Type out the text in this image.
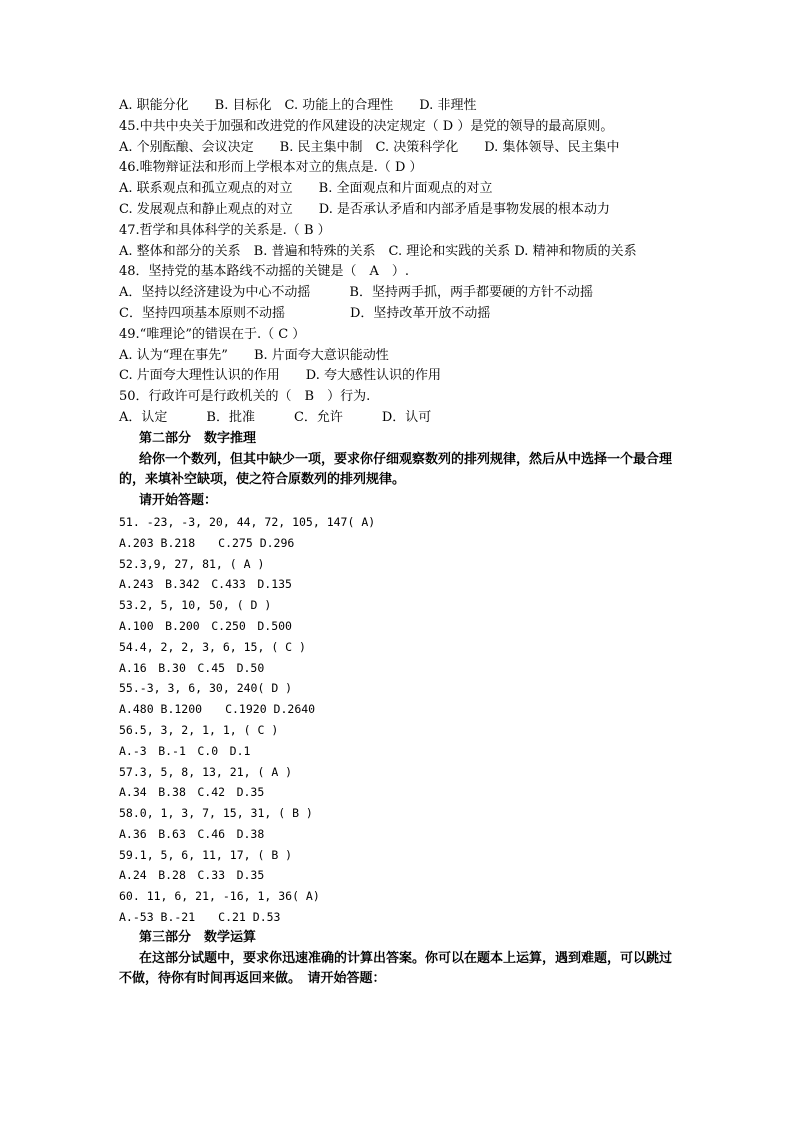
A. 职能分化　　B. 目标化　C. 功能上的合理性　　D. 非理性
45.中共中央关于加强和改进党的作风建设的决定规定（ D ）是党的领导的最高原则。
A. 个别酝酿、会议决定　　B. 民主集中制　C. 决策科学化　　D. 集体领导、民主集中
46.唯物辩证法和形而上学根本对立的焦点是.（ D ）
A. 联系观点和孤立观点的对立　　B. 全面观点和片面观点的对立
C. 发展观点和静止观点的对立　　D. 是否承认矛盾和内部矛盾是事物发展的根本动力
47.哲学和具体科学的关系是.（ B ）
A. 整体和部分的关系　B. 普遍和特殊的关系　C. 理论和实践的关系 D. 精神和物质的关系
48．坚持党的基本路线不动摇的关键是（　A　）.
A．坚持以经济建设为中心不动摇　　　B．坚持两手抓，两手都要硬的方针不动摇
C．坚持四项基本原则不动摇　　　　　D．坚持改革开放不动摇
49.“唯理论”的错误在于.（ C ）
A. 认为“理在事先”　　B. 片面夸大意识能动性
C. 片面夸大理性认识的作用　　D. 夸大感性认识的作用
50．行政许可是行政机关的（　B　）行为.
A．认定　　　B．批准　　　C．允许　　　D．认可
第二部分　数字推理
给你一个数列，但其中缺少一项，要求你仔细观察数列的排列规律，然后从中选择一个最合理的，来填补空缺项，使之符合原数列的排列规律。
请开始答题：
51. -23, -3, 20, 44, 72, 105, 147( A)
A.203 B.218　　C.275 D.296
52.3,9, 27, 81, ( A )
A.243　B.342　C.433　D.135
53.2, 5, 10, 50, ( D )
A.100　B.200　C.250　D.500
54.4, 2, 2, 3, 6, 15, ( C )
A.16　B.30　C.45　D.50
55.-3, 3, 6, 30, 240( D )
A.480 B.1200　　C.1920 D.2640
56.5, 3, 2, 1, 1, ( C )
A.-3　B.-1　C.0　D.1
57.3, 5, 8, 13, 21, ( A )
A.34　B.38　C.42　D.35
58.0, 1, 3, 7, 15, 31, ( B )
A.36　B.63　C.46　D.38
59.1, 5, 6, 11, 17, ( B )
A.24　B.28　C.33　D.35
60. 11, 6, 21, -16, 1, 36( A)
A.-53 B.-21　　C.21 D.53
第三部分　数学运算
在这部分试题中，要求你迅速准确的计算出答案。你可以在题本上运算，遇到难题，可以跳过不做，待你有时间再返回来做。　请开始答题：
